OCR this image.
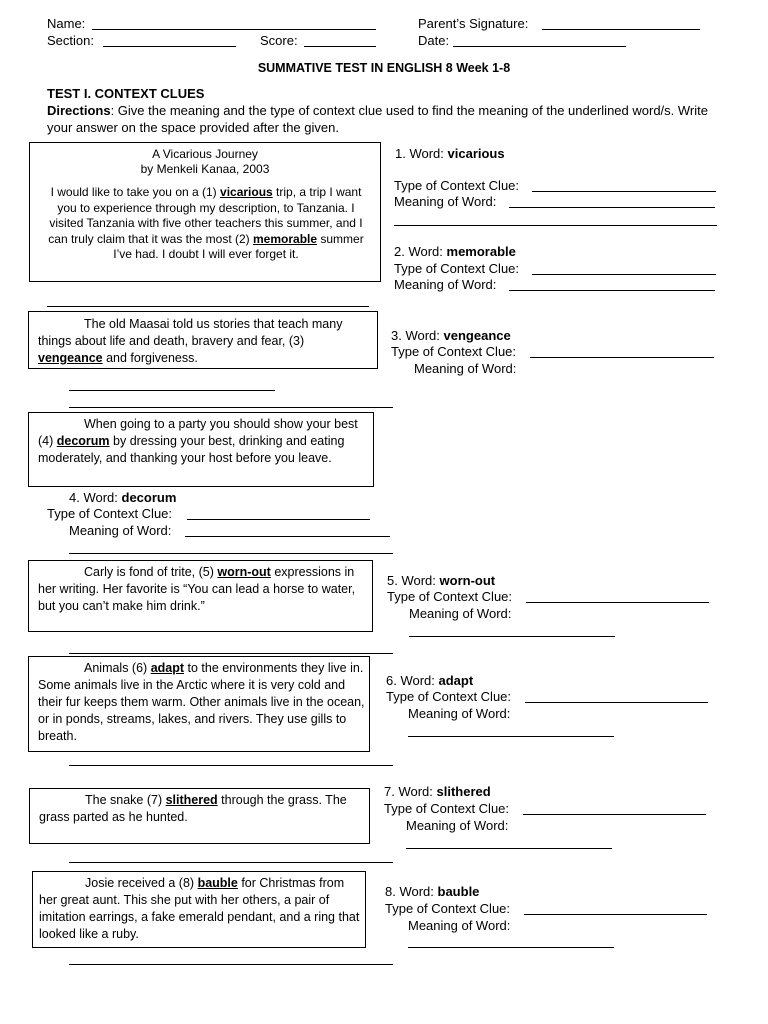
Name:	Parent’s Signature:
Section:	Score:	Date:
SUMMATIVE TEST IN ENGLISH 8 Week 1-8
TEST I. CONTEXT CLUES
Directions: Give the meaning and the type of context clue used to find the meaning of the underlined word/s. Write your answer on the space provided after the given.
A Vicarious Journey
by Menkeli Kanaa, 2003
I would like to take you on a (1) vicarious trip, a trip I want you to experience through my description, to Tanzania. I visited Tanzania with five other teachers this summer, and I can truly claim that it was the most (2) memorable summer I’ve had. I doubt I will ever forget it.
1. Word: vicarious
Type of Context Clue:
Meaning of Word:
2. Word: memorable
Type of Context Clue:
Meaning of Word:
The old Maasai told us stories that teach many things about life and death, bravery and fear, (3) vengeance and forgiveness.
3. Word: vengeance
Type of Context Clue:
Meaning of Word:
When going to a party you should show your best (4) decorum by dressing your best, drinking and eating moderately, and thanking your host before you leave.
4. Word: decorum
Type of Context Clue:
Meaning of Word:
Carly is fond of trite, (5) worn-out expressions in her writing. Her favorite is “You can lead a horse to water, but you can’t make him drink.”
5. Word: worn-out
Type of Context Clue:
Meaning of Word:
Animals (6) adapt to the environments they live in. Some animals live in the Arctic where it is very cold and their fur keeps them warm. Other animals live in the ocean, or in ponds, streams, lakes, and rivers. They use gills to breath.
6. Word: adapt
Type of Context Clue:
Meaning of Word:
The snake (7) slithered through the grass. The grass parted as he hunted.
7. Word: slithered
Type of Context Clue:
Meaning of Word:
Josie received a (8) bauble for Christmas from her great aunt. This she put with her others, a pair of imitation earrings, a fake emerald pendant, and a ring that looked like a ruby.
8. Word: bauble
Type of Context Clue:
Meaning of Word:
